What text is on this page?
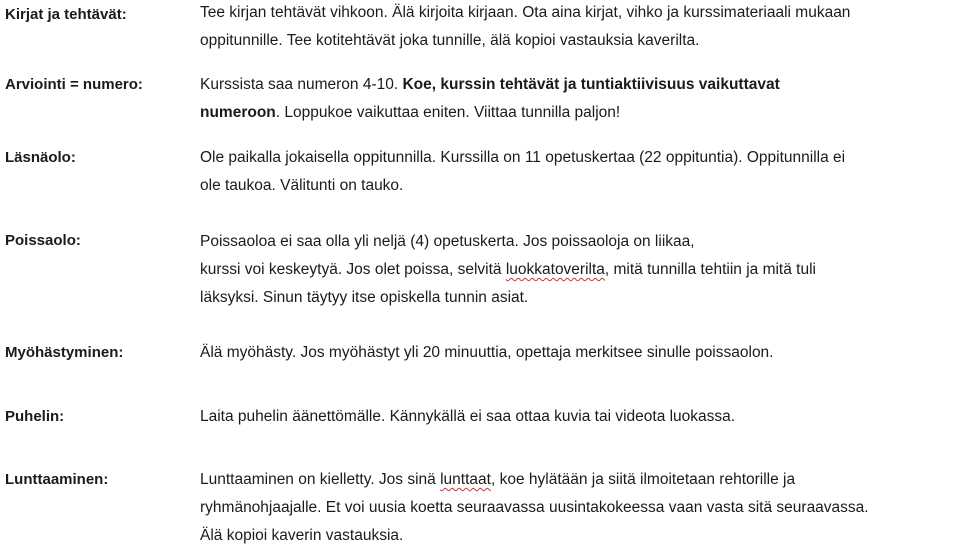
Kirjat ja tehtävät:	Tee kirjan tehtävät vihkoon. Älä kirjoita kirjaan. Ota aina kirjat, vihko ja kurssimateriaali mukaan
oppitunnille. Tee kotitehtävät joka tunnille, älä kopioi vastauksia kaverilta.
Arviointi = numero:	Kurssista saa numeron 4-10. Koe, kurssin tehtävät ja tuntiaktiivisuus vaikuttavat
numeroon. Loppukoe vaikuttaa eniten. Viittaa tunnilla paljon!
Läsnäolo:	Ole paikalla jokaisella oppitunnilla. Kurssilla on 11 opetuskertaa (22 oppituntia). Oppitunnilla ei
ole taukoa. Välitunti on tauko.
Poissaolo:	Poissaoloa ei saa olla yli neljä (4) opetuskerta. Jos poissaoloja on liikaa,
kurssi voi keskeytyä. Jos olet poissa, selvitä luokkatoverilta, mitä tunnilla tehtiin ja mitä tuli
läksyksi. Sinun täytyy itse opiskella tunnin asiat.
Myöhästyminen:	Älä myöhästy. Jos myöhästyt yli 20 minuuttia, opettaja merkitsee sinulle poissaolon.
Puhelin:	Laita puhelin äänettömälle. Kännykällä ei saa ottaa kuvia tai videota luokassa.
Lunttaaminen:	Lunttaaminen on kielletty. Jos sinä lunttaat, koe hylätään ja siitä ilmoitetaan rehtorille ja
ryhmänohjaajalle. Et voi uusia koetta seuraavassa uusintakokeessa vaan vasta sitä seuraavassa.
Älä kopioi kaverin vastauksia.
